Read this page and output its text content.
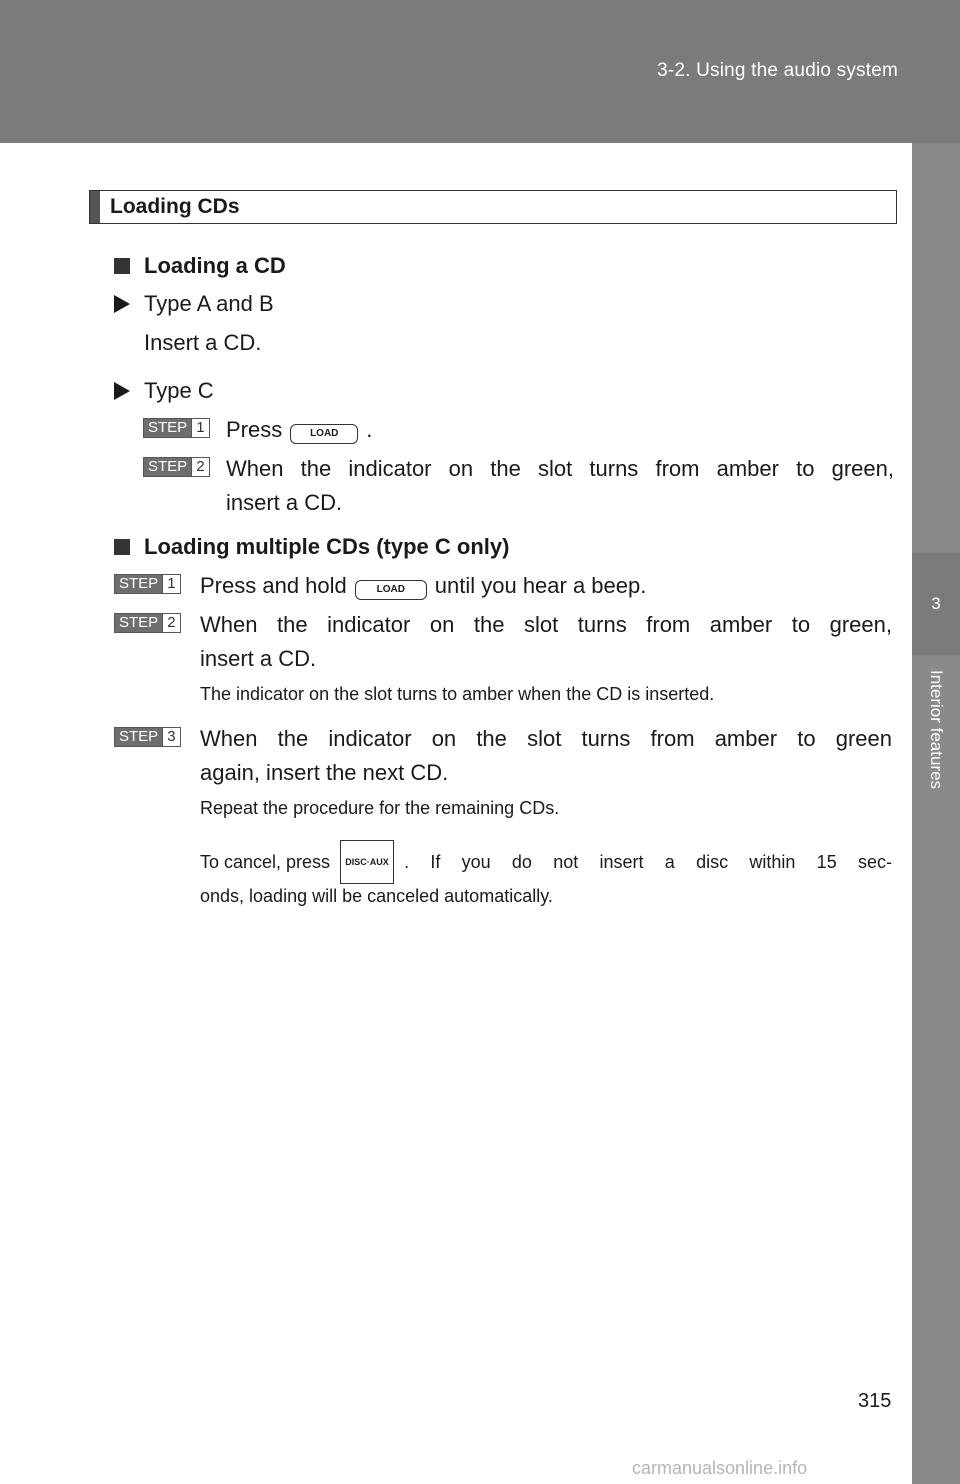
3-2. Using the audio system
3
Interior features
Loading CDs
Loading a CD
Type A and B
Insert a CD.
Type C
STEP 1 Press	LOAD .
STEP 2 When the indicator on the slot turns from amber to green,
insert a CD.
Loading multiple CDs (type C only)
STEP 1 Press and hold	LOAD until you hear a beep.
STEP 2 When the indicator on the slot turns from amber to green,
insert a CD.
The indicator on the slot turns to amber when the CD is inserted.
STEP 3 When the indicator on the slot turns from amber to green
again, insert the next CD.
Repeat the procedure for the remaining CDs.
To cancel, press	DISC·AUX . If you do not insert a disc within 15 sec-
onds, loading will be canceled automatically.
315
carmanualsonline.info
